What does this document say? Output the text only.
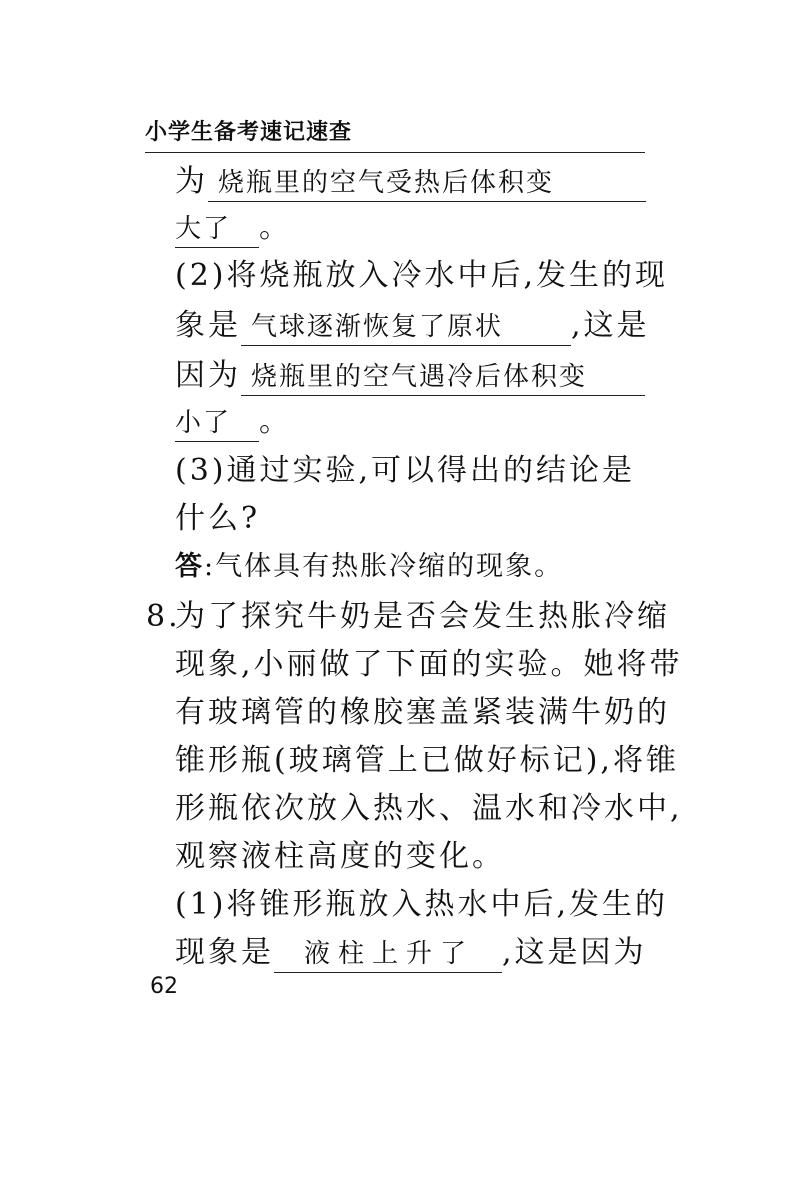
小学生备考速记速查
为 烧瓶里的空气受热后体积变
大了 。
(2)将烧瓶放入冷水中后,发生的现
象是 气球逐渐恢复了原状 ,这是
因为 烧瓶里的空气遇冷后体积变
小了 。
(3)通过实验,可以得出的结论是
什么?
答:气体具有热胀冷缩的现象。
8.
为了探究牛奶是否会发生热胀冷缩
现象,小丽做了下面的实验。她将带
有玻璃管的橡胶塞盖紧装满牛奶的
锥形瓶(玻璃管上已做好标记),将锥
形瓶依次放入热水、温水和冷水中,
观察液柱高度的变化。
(1)将锥形瓶放入热水中后,发生的
现象是 液柱上升了 ,这是因为
62
